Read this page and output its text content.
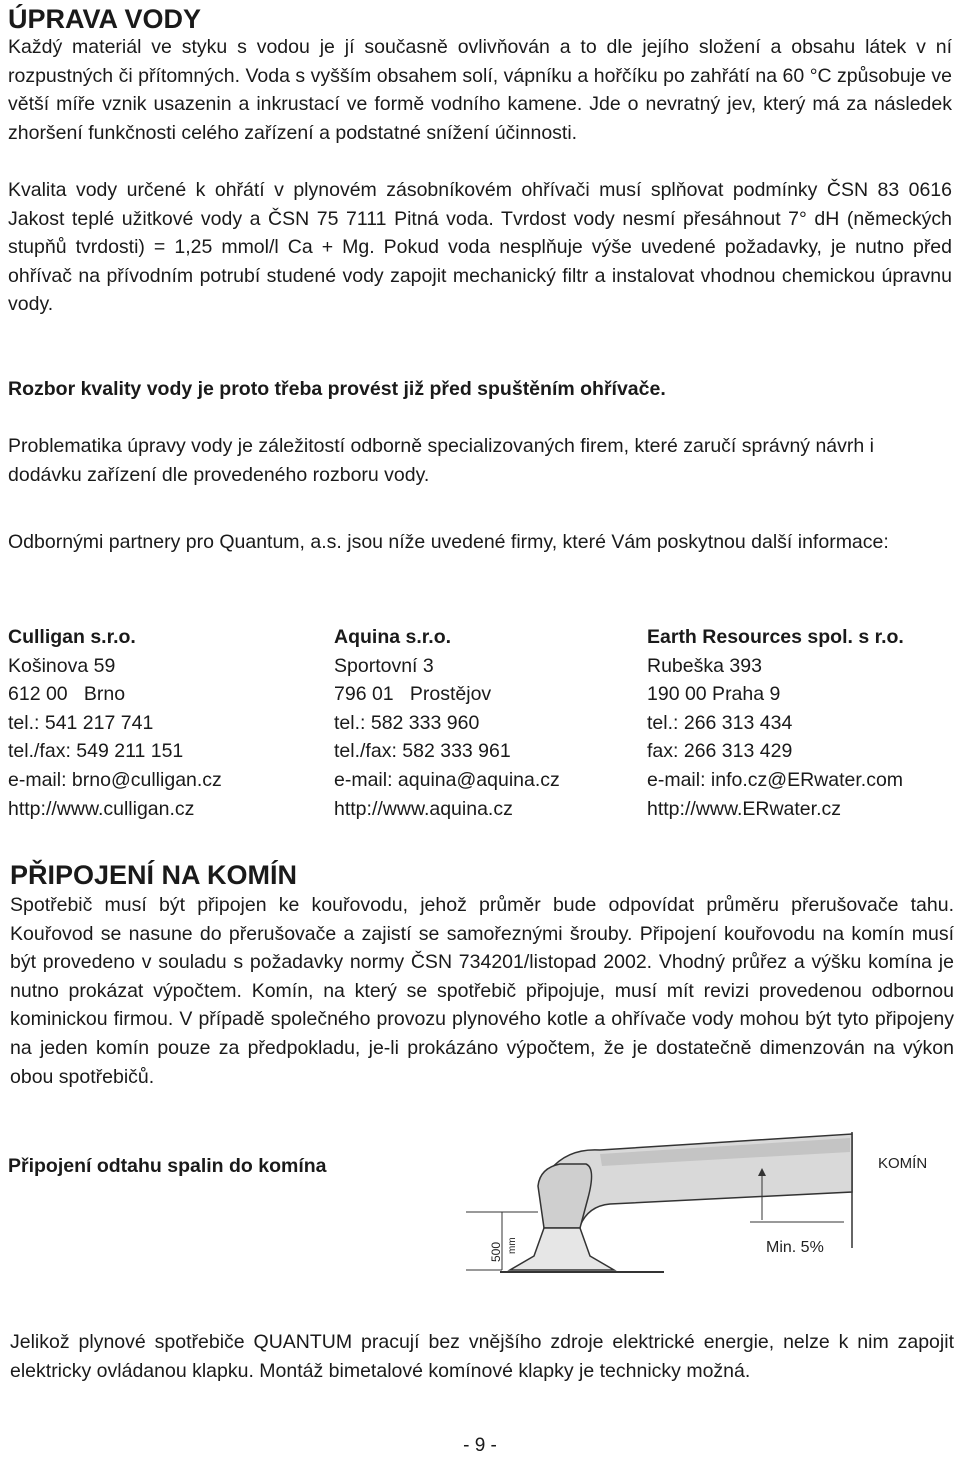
ÚPRAVA VODY

Každý materiál ve styku s vodou je jí současně ovlivňován a to dle jejího složení a obsahu látek v ní rozpustných či přítomných. Voda s vyšším obsahem solí, vápníku a hořčíku po zahřátí na 60 °C způsobuje ve větší míře vznik usazenin a inkrustací ve formě vodního kamene. Jde o nevratný jev, který má za následek zhoršení funkčnosti celého zařízení a podstatné snížení účinnosti.

Kvalita vody určené k ohřátí v plynovém zásobníkovém ohřívači musí splňovat podmínky ČSN 83 0616 Jakost teplé užitkové vody a ČSN 75 7111 Pitná voda. Tvrdost vody nesmí přesáhnout 7° dH (německých stupňů tvrdosti) = 1,25 mmol/l Ca + Mg. Pokud voda nesplňuje výše uvedené požadavky, je nutno před ohřívač na přívodním potrubí studené vody zapojit mechanický filtr a instalovat vhodnou chemickou úpravnu vody.

Rozbor kvality vody je proto třeba provést již před spuštěním ohřívače.

Problematika úpravy vody je záležitostí odborně specializovaných firem, které zaručí správný návrh i dodávku zařízení dle provedeného rozboru vody.

Odbornými partnery pro Quantum, a.s. jsou níže uvedené firmy, které Vám poskytnou další informace:

Culligan s.r.o.
Košinova 59
612 00   Brno
tel.: 541 217 741
tel./fax: 549 211 151
e-mail: brno@culligan.cz
http://www.culligan.cz
Aquina s.r.o.
Sportovní 3
796 01   Prostějov
tel.: 582 333 960
tel./fax: 582 333 961
e-mail: aquina@aquina.cz
http://www.aquina.cz
Earth Resources spol. s r.o.
Rubeška 393
190 00 Praha 9
tel.: 266 313 434
fax: 266 313 429
e-mail: info.cz@ERwater.com
http://www.ERwater.cz
PŘIPOJENÍ NA KOMÍN

Spotřebič musí být připojen ke kouřovodu, jehož průměr bude odpovídat průměru přerušovače tahu. Kouřovod se nasune do přerušovače a zajistí se samořeznými šrouby. Připojení kouřovodu na komín musí být provedeno v souladu s požadavky normy ČSN 734201/listopad 2002. Vhodný průřez a výšku komína je nutno prokázat výpočtem. Komín, na který se spotřebič připojuje, musí mít revizi provedenou odbornou kominickou firmou. V případě společného provozu plynového kotle a ohřívače vody mohou být tyto připojeny na jeden komín pouze za předpokladu, je-li prokázáno výpočtem, že je dostatečně dimenzován na výkon obou spotřebičů.

Připojení odtahu spalin do komína
500 mm
KOMÍN
Min. 5%

Jelikož plynové spotřebiče QUANTUM pracují bez vnějšího zdroje elektrické energie, nelze k nim zapojit elektricky ovládanou klapku. Montáž bimetalové komínové klapky je technicky možná.

- 9 -
